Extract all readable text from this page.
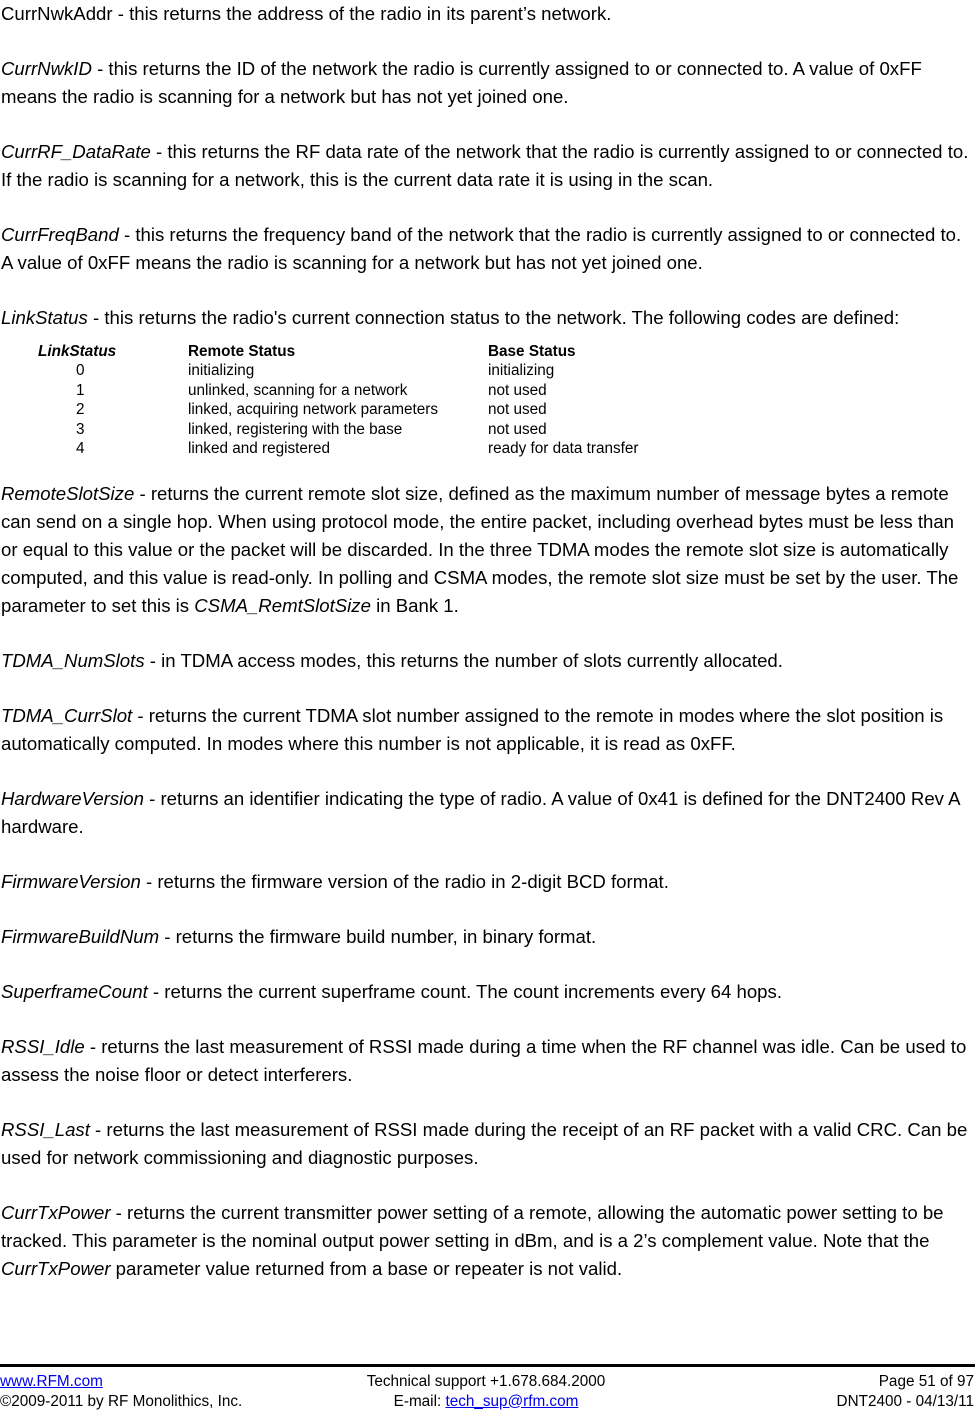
CurrNwkAddr - this returns the address of the radio in its parent’s network.

CurrNwkID - this returns the ID of the network the radio is currently assigned to or connected to. A value of 0xFF means the radio is scanning for a network but has not yet joined one.

CurrRF_DataRate - this returns the RF data rate of the network that the radio is currently assigned to or connected to. If the radio is scanning for a network, this is the current data rate it is using in the scan.

CurrFreqBand - this returns the frequency band of the network that the radio is currently assigned to or connected to. A value of 0xFF means the radio is scanning for a network but has not yet joined one.

LinkStatus - this returns the radio's current connection status to the network. The following codes are defined:

LinkStatus	Remote Status	Base Status
0	initializing	initializing
1	unlinked, scanning for a network	not used
2	linked, acquiring network parameters	not used
3	linked, registering with the base	not used
4	linked and registered	ready for data transfer

RemoteSlotSize - returns the current remote slot size, defined as the maximum number of message bytes a remote can send on a single hop. When using protocol mode, the entire packet, including overhead bytes must be less than or equal to this value or the packet will be discarded. In the three TDMA modes the remote slot size is automatically computed, and this value is read-only. In polling and CSMA modes, the remote slot size must be set by the user. The parameter to set this is CSMA_RemtSlotSize in Bank 1.

TDMA_NumSlots - in TDMA access modes, this returns the number of slots currently allocated.

TDMA_CurrSlot - returns the current TDMA slot number assigned to the remote in modes where the slot position is automatically computed. In modes where this number is not applicable, it is read as 0xFF.

HardwareVersion - returns an identifier indicating the type of radio. A value of 0x41 is defined for the DNT2400 Rev A hardware.

FirmwareVersion - returns the firmware version of the radio in 2-digit BCD format.

FirmwareBuildNum - returns the firmware build number, in binary format.

SuperframeCount - returns the current superframe count. The count increments every 64 hops.

RSSI_Idle - returns the last measurement of RSSI made during a time when the RF channel was idle. Can be used to assess the noise floor or detect interferers.

RSSI_Last - returns the last measurement of RSSI made during the receipt of an RF packet with a valid CRC. Can be used for network commissioning and diagnostic purposes.

CurrTxPower - returns the current transmitter power setting of a remote, allowing the automatic power setting to be tracked. This parameter is the nominal output power setting in dBm, and is a 2’s complement value. Note that the CurrTxPower parameter value returned from a base or repeater is not valid.

www.RFM.com	Technical support +1.678.684.2000	Page 51 of 97
©2009-2011 by RF Monolithics, Inc.	E-mail: tech_sup@rfm.com	DNT2400 - 04/13/11
